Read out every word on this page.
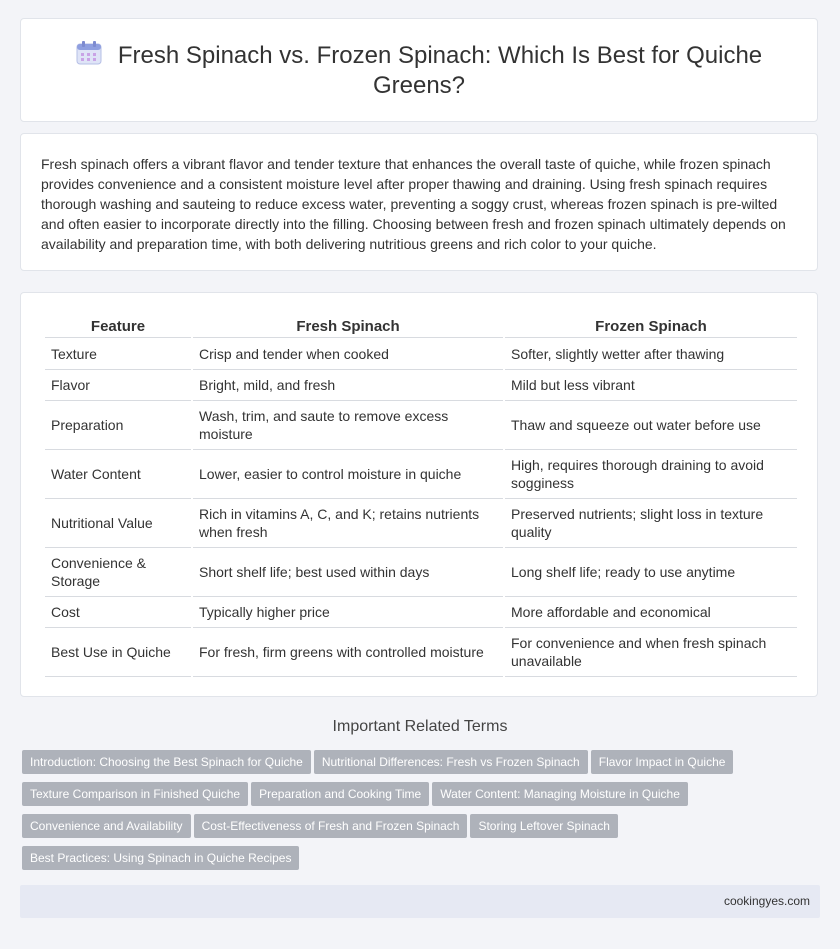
Fresh Spinach vs. Frozen Spinach: Which Is Best for Quiche Greens?
Fresh spinach offers a vibrant flavor and tender texture that enhances the overall taste of quiche, while frozen spinach provides convenience and a consistent moisture level after proper thawing and draining. Using fresh spinach requires thorough washing and sauteing to reduce excess water, preventing a soggy crust, whereas frozen spinach is pre-wilted and often easier to incorporate directly into the filling. Choosing between fresh and frozen spinach ultimately depends on availability and preparation time, with both delivering nutritious greens and rich color to your quiche.
Feature	Fresh Spinach	Frozen Spinach
Texture	Crisp and tender when cooked	Softer, slightly wetter after thawing
Flavor	Bright, mild, and fresh	Mild but less vibrant
Preparation	Wash, trim, and saute to remove excess moisture	Thaw and squeeze out water before use
Water Content	Lower, easier to control moisture in quiche	High, requires thorough draining to avoid sogginess
Nutritional Value	Rich in vitamins A, C, and K; retains nutrients when fresh	Preserved nutrients; slight loss in texture quality
Convenience & Storage	Short shelf life; best used within days	Long shelf life; ready to use anytime
Cost	Typically higher price	More affordable and economical
Best Use in Quiche	For fresh, firm greens with controlled moisture	For convenience and when fresh spinach unavailable
Important Related Terms
Introduction: Choosing the Best Spinach for Quiche Nutritional Differences: Fresh vs Frozen Spinach Flavor Impact in Quiche
Texture Comparison in Finished Quiche Preparation and Cooking Time Water Content: Managing Moisture in Quiche
Convenience and Availability Cost-Effectiveness of Fresh and Frozen Spinach Storing Leftover Spinach
Best Practices: Using Spinach in Quiche Recipes
cookingyes.com
